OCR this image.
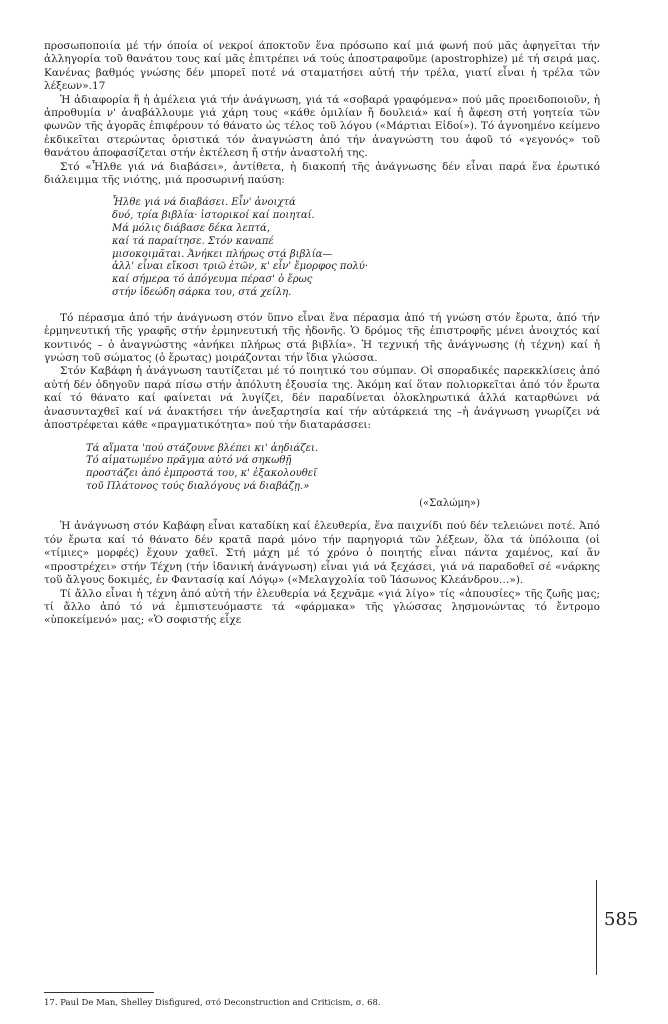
προσωποποιία μέ τήν όποία οί νεκροί άποκτοῦν ἕνα πρόσωπο καί μιά φωνή πού μᾶς ἀφηγεῖται τήν ἀλληγορία τοῦ θανάτου τους καί μᾶς ἐπιτρέπει νά τούς ἀποστραφοῦμε (apostrophize) μέ τή σειρά μας. Κανένας βαθμός γνώσης δέν μπορεῖ ποτέ νά σταματήσει αὐτή τήν τρέλα, γιατί εἶναι ἡ τρέλα τῶν λέξεων».17

Ἡ ἀδιαφορία ἤ ἡ ἀμέλεια γιά τήν ἀνάγνωση, γιά τά «σοβαρά γραφόμενα» πού μᾶς προειδοποιοῦν, ἡ ἀπροθυμία ν' ἀναβάλλουμε γιά χάρη τους «κάθε ὁμιλίαν ἤ δουλειά» καί ἡ ἄφεση στή γοητεία τῶν φωνῶν τῆς ἀγορᾶς ἐπιφέρουν τό θάνατο ὡς τέλος τοῦ λόγου («Μάρτιαι Εἰδοί»). Τό ἀγνοημένο κείμενο ἐκδικεῖται στερώντας ὁριστικά τόν ἀναγνώστη ἀπό τήν ἀναγνώστη του ἀφοῦ τό «γεγονός» τοῦ θανάτου ἀποφασίζεται στήν ἐκτέλεση ἤ στήν ἀναστολή της.

Στό «Ἦλθε γιά νά διαβάσει», ἀντίθετα, ἡ διακοπή τῆς ἀνάγνωσης δέν εἶναι παρά ἕνα ἐρωτικό διάλειμμα τῆς νιότης, μιά προσωρινή παύση:

Ἦλθε γιά νά διαβάσει. Εἶν' ἀνοιχτά
δυό, τρία βιβλία· ἱστορικοί καί ποιηταί.
Μά μόλις διάβασε δέκα λεπτά,
καί τά παραίτησε. Στόν καναπέ
μισοκοιμᾶται. Ἀνήκει πλήρως στά βιβλία—
ἀλλ' εἶναι εἴκοσι τριῶ ἐτῶν, κ' εἶν' ἔμορφος πολύ·
καί σήμερα τό ἀπόγευμα πέρασ' ὁ ἔρως
στήν ἰδεώδη σάρκα του, στά χείλη.

Τό πέρασμα ἀπό τήν ἀνάγνωση στόν ὕπνο εἶναι ἕνα πέρασμα ἀπό τή γνώση στόν ἔρωτα, ἀπό τήν ἑρμηνευτική τῆς γραφῆς στήν ἑρμηνευτική τῆς ἡδονῆς. Ὁ δρόμος τῆς ἐπιστροφῆς μένει ἀνοιχτός καί κοντινός – ὁ ἀναγνώστης «ἀνήκει πλήρως στά βιβλία». Ἡ τεχνική τῆς ἀνάγνωσης (ἡ τέχνη) καί ἡ γνώση τοῦ σώματος (ὁ ἔρωτας) μοιράζονται τήν ἴδια γλώσσα.

Στόν Καβάφη ἡ ἀνάγνωση ταυτίζεται μέ τό ποιητικό του σύμπαν. Οἱ σποραδικές παρεκκλίσεις ἀπό αὐτή δέν ὁδηγοῦν παρά πίσω στήν ἀπόλυτη ἐξουσία της. Ἀκόμη καί ὅταν πολιορκεῖται ἀπό τόν ἔρωτα καί τό θάνατο καί φαίνεται νά λυγίζει, δέν παραδίνεται ὁλοκληρωτικά ἀλλά καταρθώνει νά ἀνασυνταχθεῖ καί νά ἀνακτήσει τήν ἀνεξαρτησία καί τήν αὐτάρκειά της –ἡ ἀνάγνωση γνωρίζει νά ἀποστρέφεται κάθε «πραγματικότητα» πού τήν διαταράσσει:

Τά αἵματα 'πού στάζουνε βλέπει κι' ἀηδιάζει.
Τό αἱματωμένο πρᾶγμα αὐτό νά σηκωθῇ
προστάζει ἀπό ἐμπροστά του, κ' ἐξακολουθεῖ
τοῦ Πλάτονος τούς διαλόγους νά διαβάζῃ.»
(«Σαλώμη»)

Ἡ ἀνάγνωση στόν Καβάφη εἶναι καταδίκη καί ἐλευθερία, ἕνα παιχνίδι πού δέν τελειώνει ποτέ. Ἀπό τόν ἔρωτα καί τό θάνατο δέν κρατᾶ παρά μόνο τήν παρηγοριά τῶν λέξεων, ὅλα τά ὑπόλοιπα (οἱ «τίμιες» μορφές) ἔχουν χαθεῖ. Στή μάχη μέ τό χρόνο ὁ ποιητής εἶναι πάντα χαμένος, καί ἄν «προστρέχει» στήν Τέχνη (τήν ἰδανική ἀνάγνωση) εἶναι γιά νά ξεχάσει, γιά νά παραδοθεῖ σέ «νάρκης τοῦ ἄλγους δοκιμές, ἐν Φαντασίᾳ καί Λόγῳ» («Μελαγχολία τοῦ Ἰάσωνος Κλεάνδρου…»).

Τί ἄλλο εἶναι ἡ τέχνη ἀπό αὐτή τήν ἐλευθερία νά ξεχνᾶμε «γιά λίγο» τίς «ἀπουσίες» τῆς ζωῆς μας; τί ἄλλο ἀπό τό νά ἐμπιστευόμαστε τά «φάρμακα» τῆς γλώσσας λησμονώντας τό ἔντρομο «ὑποκείμενό» μας; «Ὁ σοφιστής εἶχε

17. Paul De Man, Shelley Disfigured, στό Deconstruction and Criticism, σ. 68.
585
